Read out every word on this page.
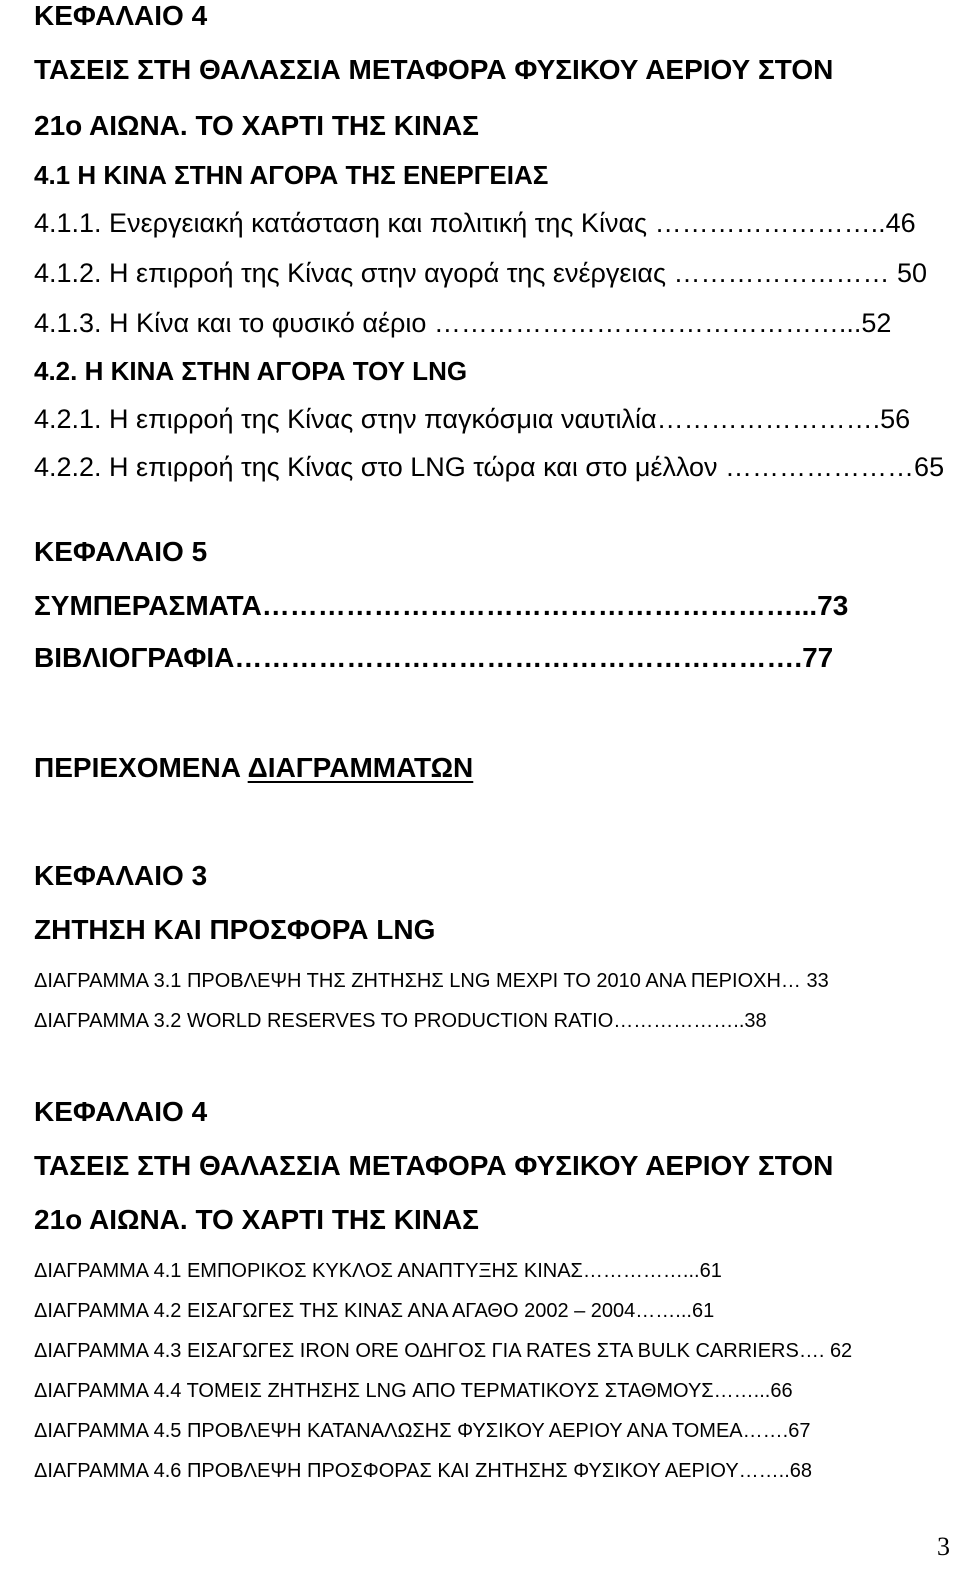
ΚΕΦΑΛΑΙΟ 4
ΤΑΣΕΙΣ ΣΤΗ ΘΑΛΑΣΣΙΑ ΜΕΤΑΦΟΡΑ ΦΥΣΙΚΟΥ ΑΕΡΙΟΥ ΣΤΟΝ
21ο ΑΙΩΝΑ. ΤΟ ΧΑΡΤΙ ΤΗΣ ΚΙΝΑΣ
4.1 Η ΚΙΝΑ ΣΤΗΝ ΑΓΟΡΑ ΤΗΣ ΕΝΕΡΓΕΙΑΣ
4.1.1. Ενεργειακή κατάσταση και πολιτική της Κίνας ……………………..46
4.1.2. Η επιρροή της Κίνας στην αγορά της ενέργειας …………………… 50
4.1.3. Η Κίνα και το φυσικό αέριο ………………………………………...52
4.2. Η ΚΙΝΑ ΣΤΗΝ ΑΓΟΡΑ ΤΟΥ LNG
4.2.1. Η επιρροή της Κίνας στην παγκόσμια ναυτιλία…………………….56
4.2.2. Η επιρροή της Κίνας στο LNG τώρα και στο μέλλον …………………65
ΚΕΦΑΛΑΙΟ 5
ΣΥΜΠΕΡΑΣΜΑΤΑ…………………………………………………...73
ΒΙΒΛΙΟΓΡΑΦΙΑ…………………………………………………….77
ΠΕΡΙΕΧΟΜΕΝΑ ΔΙΑΓΡΑΜΜΑΤΩΝ
ΚΕΦΑΛΑΙΟ 3
ΖΗΤΗΣΗ ΚΑΙ ΠΡΟΣΦΟΡΑ LNG
ΔΙΑΓΡΑΜΜΑ 3.1 ΠΡΟΒΛΕΨΗ ΤΗΣ ΖΗΤΗΣΗΣ LNG ΜΕΧΡΙ ΤΟ 2010 ΑΝΑ ΠΕΡΙΟΧΗ… 33
ΔΙΑΓΡΑΜΜΑ 3.2 WORLD RESERVES TO PRODUCTION RATIO………………..38
ΚΕΦΑΛΑΙΟ 4
ΤΑΣΕΙΣ ΣΤΗ ΘΑΛΑΣΣΙΑ ΜΕΤΑΦΟΡΑ ΦΥΣΙΚΟΥ ΑΕΡΙΟΥ ΣΤΟΝ
21ο ΑΙΩΝΑ. ΤΟ ΧΑΡΤΙ ΤΗΣ ΚΙΝΑΣ
ΔΙΑΓΡΑΜΜΑ 4.1 ΕΜΠΟΡΙΚΟΣ ΚΥΚΛΟΣ ΑΝΑΠΤΥΞΗΣ ΚΙΝΑΣ……………...61
ΔΙΑΓΡΑΜΜΑ 4.2 ΕΙΣΑΓΩΓΕΣ ΤΗΣ ΚΙΝΑΣ ΑΝΑ ΑΓΑΘΟ 2002 – 2004……...61
ΔΙΑΓΡΑΜΜΑ 4.3 ΕΙΣΑΓΩΓΕΣ IRON ORE ΟΔΗΓΟΣ ΓΙΑ RATES ΣΤΑ BULK CARRIERS…. 62
ΔΙΑΓΡΑΜΜΑ 4.4 ΤΟΜΕΙΣ ΖΗΤΗΣΗΣ LNG ΑΠΟ ΤΕΡΜΑΤΙΚΟΥΣ ΣΤΑΘΜΟΥΣ……...66
ΔΙΑΓΡΑΜΜΑ 4.5 ΠΡΟΒΛΕΨΗ ΚΑΤΑΝΑΛΩΣΗΣ ΦΥΣΙΚΟΥ ΑΕΡΙΟΥ ΑΝΑ ΤΟΜΕΑ…….67
ΔΙΑΓΡΑΜΜΑ 4.6 ΠΡΟΒΛΕΨΗ ΠΡΟΣΦΟΡΑΣ ΚΑΙ ΖΗΤΗΣΗΣ ΦΥΣΙΚΟΥ ΑΕΡΙΟΥ……..68
3
